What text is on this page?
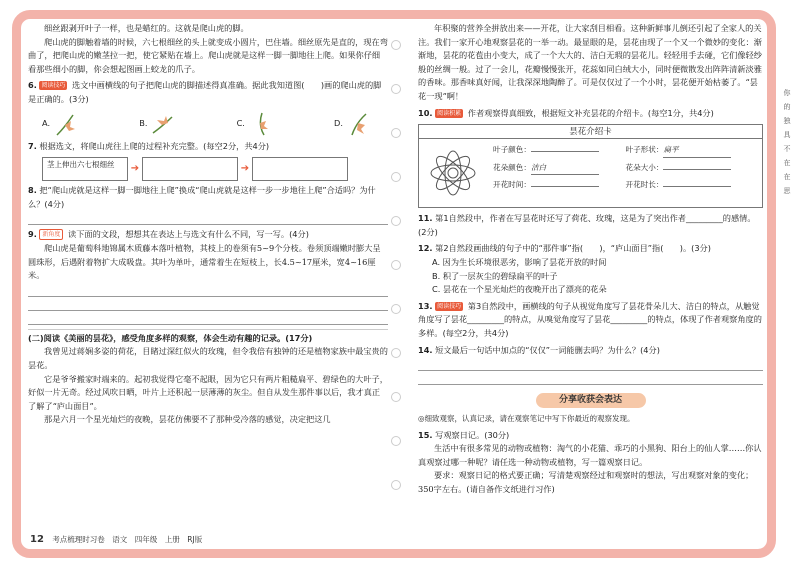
细丝跟剥开叶子一样，也是蜡红的。这就是爬山虎的脚。
爬山虎的脚触着墙的时候，六七根细丝的头上就变成小圆片，巴住墙。细丝原先是直的，现在弯曲了，把爬山虎的嫩茎拉一把，使它紧贴在墙上。爬山虎就是这样一脚一脚地往上爬。如果你仔细看那些细小的脚，你会想起图画上蛟龙的爪子。
6. 阅读技巧 选文中画横线的句子把爬山虎的脚描述得真准确。据此我知道图(　　)画的爬山虎的脚是正确的。(3分)
A.	B.	C.	D.
7. 根据选文，将爬山虎往上爬的过程补充完整。(每空2分，共4分)
茎上伸出六七根细丝	➔	➔
8. 把“爬山虎就是这样一脚一脚地往上爬”换成“爬山虎就是这样一步一步地往上爬”合适吗？为什么？(4分)
9. 新角度 读下面的文段，想想其在表达上与选文有什么不同，写一写。(4分)
爬山虎是葡萄科地锦属木质藤本落叶植物，其枝上的卷须有5~9个分枝。卷须顶端嫩时膨大呈圆珠形，后遇附着物扩大成吸盘。其叶为单叶，通常着生在短枝上，长4.5~17厘米，宽4~16厘米。
(二)阅读《美丽的昙花》，感受角度多样的观察，体会生动有趣的记录。(17分)
我曾见过蒋娴多姿的荷花，目睹过深红似火的玫瑰，但令我倍有独钟的还是植物家族中最宝贵的昙花。
它是爷爷搬家时端来的。起初我觉得它毫不起眼，因为它只有两片粗糙扁平、碧绿色的大叶子，好似一片无奇。经过风吹日晒，叶片上还积起一层薄薄的灰尘。但自从发生那件事以后，我才真正了解了“庐山面目”。
那是六月一个星光灿烂的夜晚，昙花仿佛要不了那种受冷落的感觉，决定把这几
年积聚的营养全拼放出来——开花，让大家刮目相看。这种新鲜事儿倒还引起了全家人的关注。我们一家开心地观察昙花的一举一动。最显眼的是，昙花由现了一个又一个微妙的变化：渐渐地，昙花的花苞由小变大，成了一个大大的、洁白无瑕的昙花儿。轻轻用手去碰，它们像轻纱般的丝绸一般。过了一会儿，花瓣慢慢张开，花蕊如同白绒大小，同时便微散发出阵阵清新淡雅的香味。那香味真好闻，让我深深地陶醉了。可是仅仅过了一个小时，昙花便开始枯萎了。“昙花一现”啊！
10. 阅读积累 作者观察得真细致，根据短文补充昙花的介绍卡。(每空1分，共4分)
昙花介绍卡
叶子颜色：	叶子形状：扁平
花朵颜色：洁白	花朵大小：
开花时间：	开花时长：
11. 第1自然段中，作者在写昙花时还写了荷花、玫瑰，这是为了突出作者_________的感情。(2分)
12. 第2自然段画曲线的句子中的“那件事”指(　　)，“庐山面目”指(　　)。(3分)
A. 因为生长环境很恶劣，影响了昙花开放的时间
B. 积了一层灰尘的碧绿扁平的叶子
C. 昙花在一个星光灿烂的夜晚开出了漂亮的花朵
13. 阅读技巧 第3自然段中，画横线的句子从视觉角度写了昙花骨朵儿大、洁白的特点，从触觉角度写了昙花_________的特点，从嗅觉角度写了昙花_________的特点，体现了作者观察角度的多样。(每空2分，共4分)
14. 短文最后一句话中加点的“仅仅”一词能删去吗？为什么？(4分)
分享收获会表达
◎细致观察，认真记录，请在观察笔记中写下你最近的观察发现。
15. 写观察日记。(30分)
生活中有很多常见的动物或植物：淘气的小花猫、乖巧的小黑狗、阳台上的仙人掌……你认真观察过哪一种呢？请任选一种动物或植物，写一篇观察日记。
要求：观察日记的格式要正确；写清楚观察经过和观察时的想法，写出观察对象的变化；350字左右。(请自备作文纸进行习作)
你
的
独
具
不
在
在
思
12 考点梳理时习卷　语文　四年级　上册　RJ版
